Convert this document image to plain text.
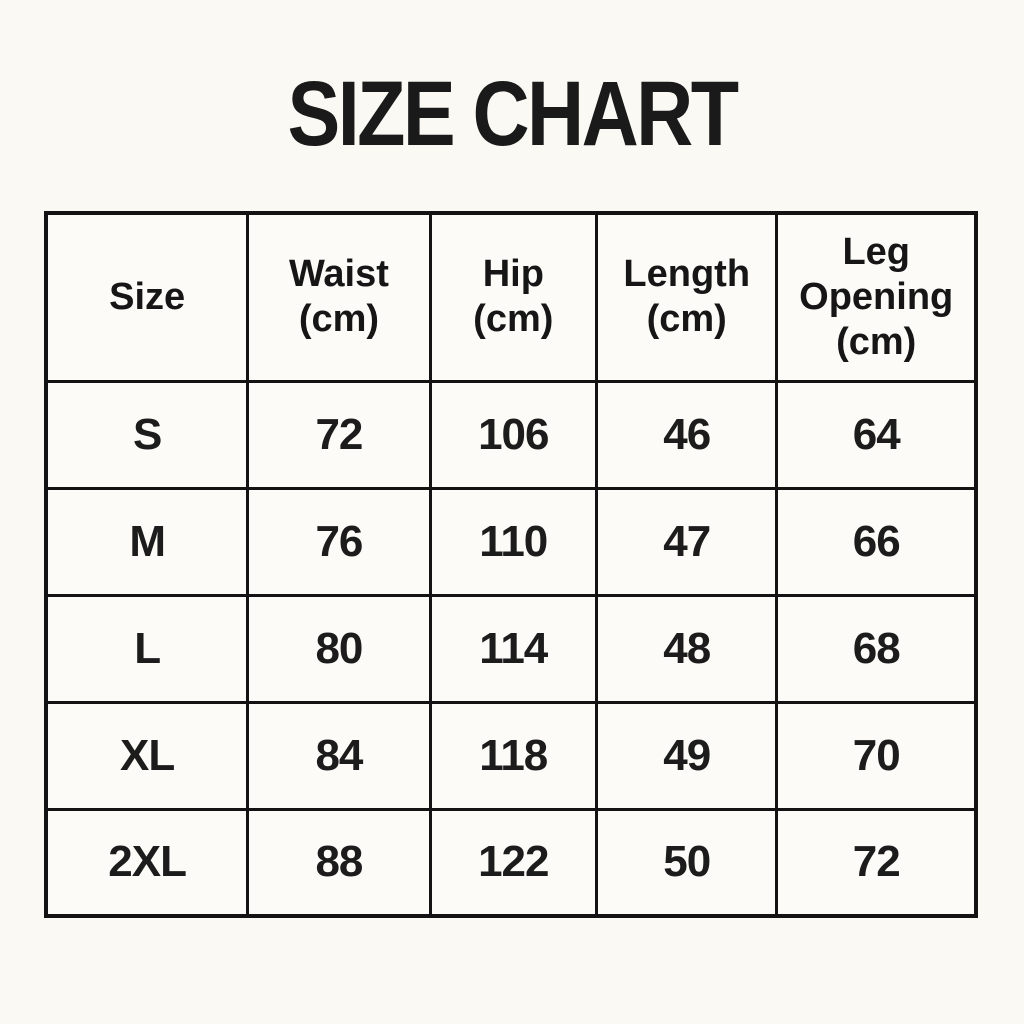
SIZE CHART
Size	Waist (cm)	Hip (cm)	Length (cm)	Leg Opening (cm)
S	72	106	46	64
M	76	110	47	66
L	80	114	48	68
XL	84	118	49	70
2XL	88	122	50	72
